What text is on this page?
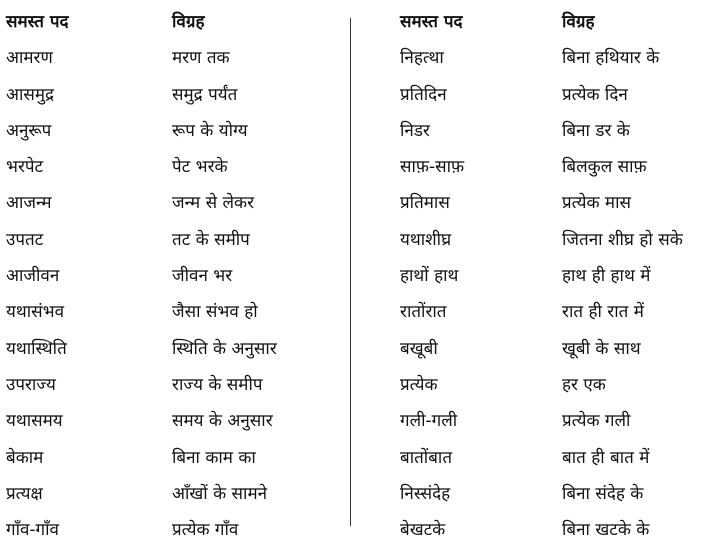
समस्त पद	विग्रह
आमरण	मरण तक
आसमुद्र	समुद्र पर्यंत
अनुरूप	रूप के योग्य
भरपेट	पेट भरके
आजन्म	जन्म से लेकर
उपतट	तट के समीप
आजीवन	जीवन भर
यथासंभव	जैसा संभव हो
यथास्थिति	स्थिति के अनुसार
उपराज्य	राज्य के समीप
यथासमय	समय के अनुसार
बेकाम	बिना काम का
प्रत्यक्ष	आँखों के सामने
गाँव-गाँव	प्रत्येक गाँव
समस्त पद	विग्रह
निहत्था	बिना हथियार के
प्रतिदिन	प्रत्येक दिन
निडर	बिना डर के
साफ़-साफ़	बिलकुल साफ़
प्रतिमास	प्रत्येक मास
यथाशीघ्र	जितना शीघ्र हो सके
हाथों हाथ	हाथ ही हाथ में
रातोंरात	रात ही रात में
बखूबी	खूबी के साथ
प्रत्येक	हर एक
गली-गली	प्रत्येक गली
बातोंबात	बात ही बात में
निस्संदेह	बिना संदेह के
बेखटके	बिना खटके के
